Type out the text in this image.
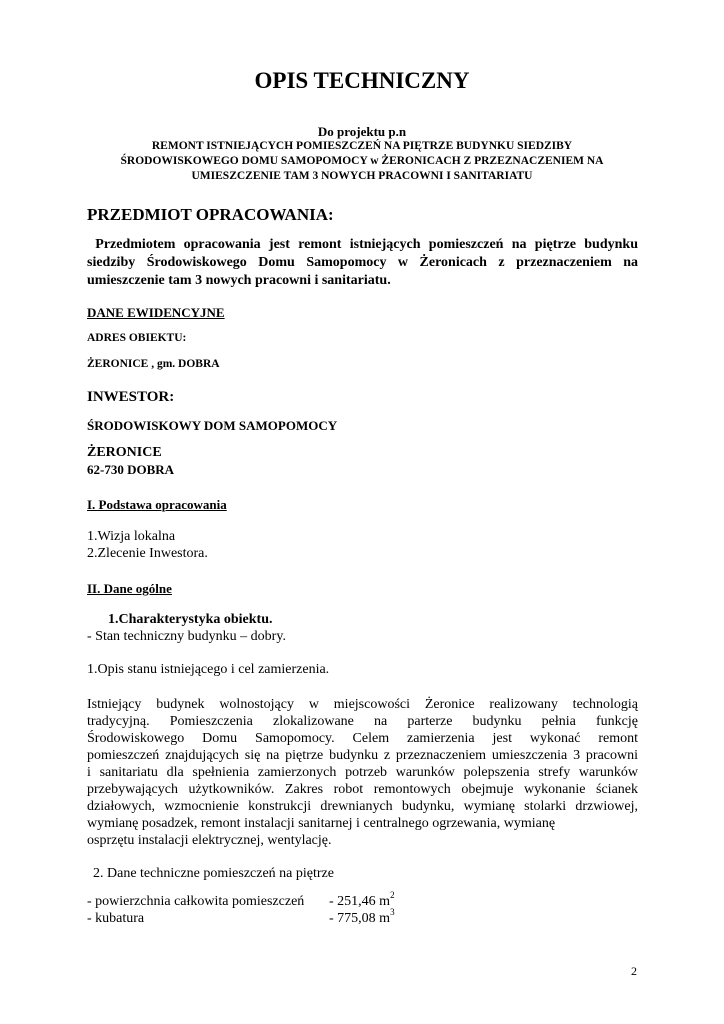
OPIS TECHNICZNY
Do projektu p.n
REMONT ISTNIEJĄCYCH POMIESZCZEŃ NA PIĘTRZE BUDYNKU SIEDZIBY
ŚRODOWISKOWEGO DOMU SAMOPOMOCY w ŻERONICACH Z PRZEZNACZENIEM NA
UMIESZCZENIE TAM 3 NOWYCH PRACOWNI I SANITARIATU
PRZEDMIOT OPRACOWANIA:
Przedmiotem opracowania jest remont istniejących pomieszczeń na piętrze budynku
siedziby Środowiskowego Domu Samopomocy w Żeronicach z przeznaczeniem na
umieszczenie tam 3 nowych pracowni i sanitariatu.
DANE EWIDENCYJNE
ADRES OBIEKTU:
ŻERONICE , gm. DOBRA
INWESTOR:
ŚRODOWISKOWY DOM SAMOPOMOCY
ŻERONICE
62-730 DOBRA
I. Podstawa opracowania
1.Wizja lokalna
2.Zlecenie Inwestora.
II. Dane ogólne
1.Charakterystyka obiektu.
- Stan techniczny budynku – dobry.
1.Opis stanu istniejącego i cel zamierzenia.
Istniejący budynek wolnostojący w miejscowości Żeronice realizowany technologią
tradycyjną. Pomieszczenia zlokalizowane na parterze budynku pełnia funkcję
Środowiskowego Domu Samopomocy. Celem zamierzenia jest wykonać remont
pomieszczeń znajdujących się na piętrze budynku z przeznaczeniem umieszczenia 3 pracowni
i sanitariatu dla spełnienia zamierzonych potrzeb warunków polepszenia strefy warunków
przebywających użytkowników. Zakres robot remontowych obejmuje wykonanie ścianek
działowych, wzmocnienie konstrukcji drewnianych budynku, wymianę stolarki drzwiowej,
wymianę posadzek, remont instalacji sanitarnej i centralnego ogrzewania, wymianę
osprzętu instalacji elektrycznej, wentylację.
2. Dane techniczne pomieszczeń na piętrze
- powierzchnia całkowita pomieszczeń - 251,46 $m^2$
- kubatura	- 775,08 $m^3$
2
